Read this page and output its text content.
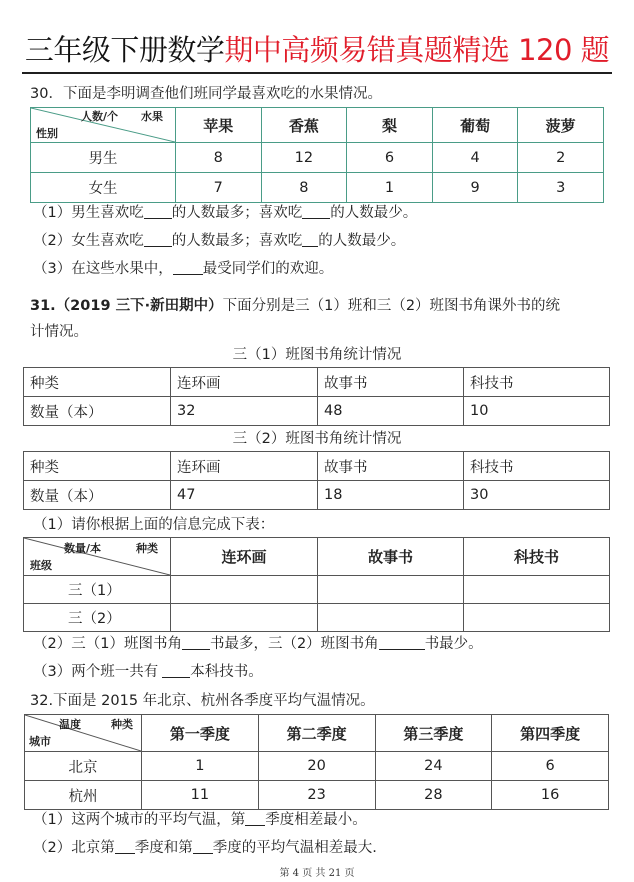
三年级下册数学期中高频易错真题精选 120 题
30．下面是李明调查他们班同学最喜欢吃的水果情况。
人数/个 水果
性别	苹果	香蕉	梨	葡萄	菠萝
男生	8	12	6	4	2
女生	7	8	1	9	3
（1）男生喜欢吃 的人数最多；喜欢吃 的人数最少。
（2）女生喜欢吃 的人数最多；喜欢吃 的人数最少。
（3）在这些水果中， 最受同学们的欢迎。
31.（2019 三下·新田期中）下面分别是三（1）班和三（2）班图书角课外书的统
计情况。
三（1）班图书角统计情况
种类	连环画	故事书	科技书
数量（本）	32	48	10
三（2）班图书角统计情况
种类	连环画	故事书	科技书
数量（本）	47	18	30
（1）请你根据上面的信息完成下表：
数量/本 种类
班级	连环画	故事书	科技书
三（1）			
三（2）			
（2）三（1）班图书角 书最多，三（2）班图书角	书最少。
（3）两个班一共有 本科技书。
32.下面是 2015 年北京、杭州各季度平均气温情况。
温度 种类
城市	第一季度	第二季度	第三季度	第四季度
北京	1	20	24	6
杭州	11	23	28	16
（1）这两个城市的平均气温，第 季度相差最小。
（2）北京第 季度和第 季度的平均气温相差最大.
第 4 页 共 21 页
